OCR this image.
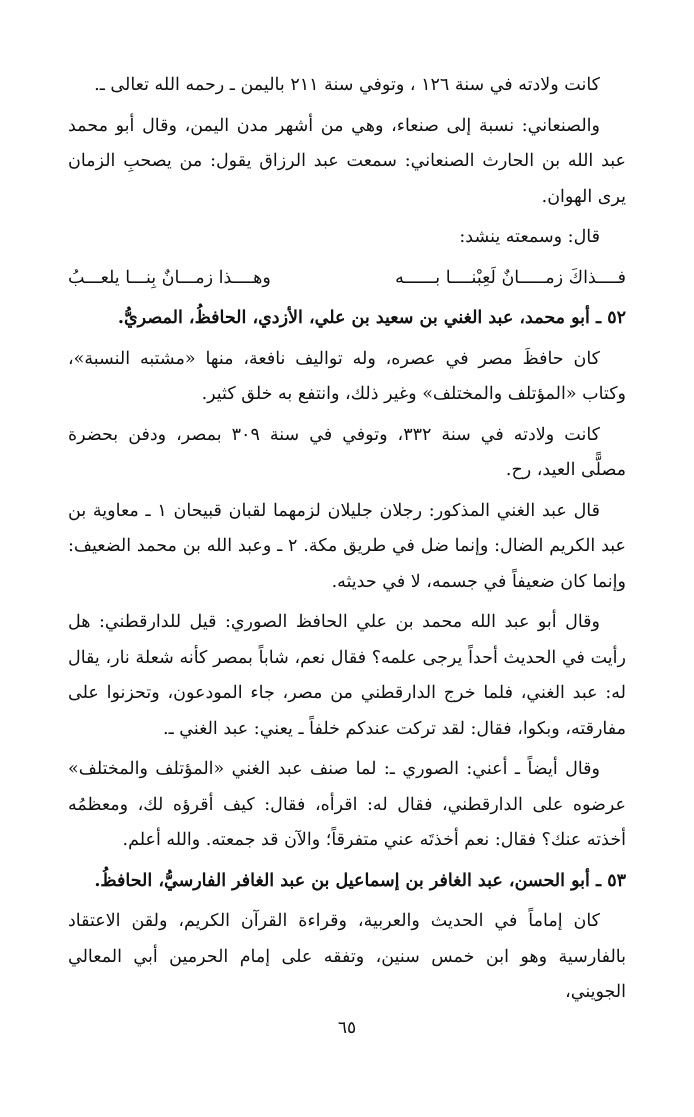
كانت ولادته في سنة ١٢٦ ، وتوفي سنة ٢١١ باليمن ـ رحمه الله تعالى ـ.

والصنعاني: نسبة إلى صنعاء، وهي من أشهر مدن اليمن، وقال أبو محمد عبد الله بن الحارث الصنعاني: سمعت عبد الرزاق يقول: من يصحبِ الزمان يرى الهوان.

قال: وسمعته ينشد:

فــــذاكَ زمـــــانٌ لَعِبْنــــا بــــــه
وهــــذا زمـــانٌ بِنـــا يلعـــبُ

٥٢ ـ أبو محمد، عبد الغني بن سعيد بن علي، الأزدي، الحافظُ، المصريُّ.

كان حافظَ مصر في عصره، وله تواليف نافعة، منها «مشتبه النسبة»، وكتاب «المؤتلف والمختلف» وغير ذلك، وانتفع به خلق كثير.

كانت ولادته في سنة ٣٣٢، وتوفي في سنة ٣٠٩ بمصر، ودفن بحضرة مصلًّى العيد، رح.

قال عبد الغني المذكور: رجلان جليلان لزمهما لقبان قبيحان ١ ـ معاوية بن عبد الكريم الضال: وإنما ضل في طريق مكة. ٢ ـ وعبد الله بن محمد الضعيف: وإنما كان ضعيفاً في جسمه، لا في حديثه.

وقال أبو عبد الله محمد بن علي الحافظ الصوري: قيل للدارقطني: هل رأيت في الحديث أحداً يرجى علمه؟ فقال نعم، شاباً بمصر كأنه شعلة نار، يقال له: عبد الغني، فلما خرج الدارقطني من مصر، جاء المودعون، وتحزنوا على مفارقته، وبكوا، فقال: لقد تركت عندكم خلفاً ـ يعني: عبد الغني ـ.

وقال أيضاً ـ أعني: الصوري ـ: لما صنف عبد الغني «المؤتلف والمختلف» عرضوه على الدارقطني، فقال له: اقرأه، فقال: كيف أقرؤه لك، ومعظمُه أخذته عنك؟ فقال: نعم أخذتَه عني متفرقاً؛ والآن قد جمعته. والله أعلم.

٥٣ ـ أبو الحسن، عبد الغافر بن إسماعيل بن عبد الغافر الفارسيُّ، الحافظُ.

كان إماماً في الحديث والعربية، وقراءة القرآن الكريم، ولقن الاعتقاد بالفارسية وهو ابن خمس سنين، وتفقه على إمام الحرمين أبي المعالي الجويني،

٦٥
